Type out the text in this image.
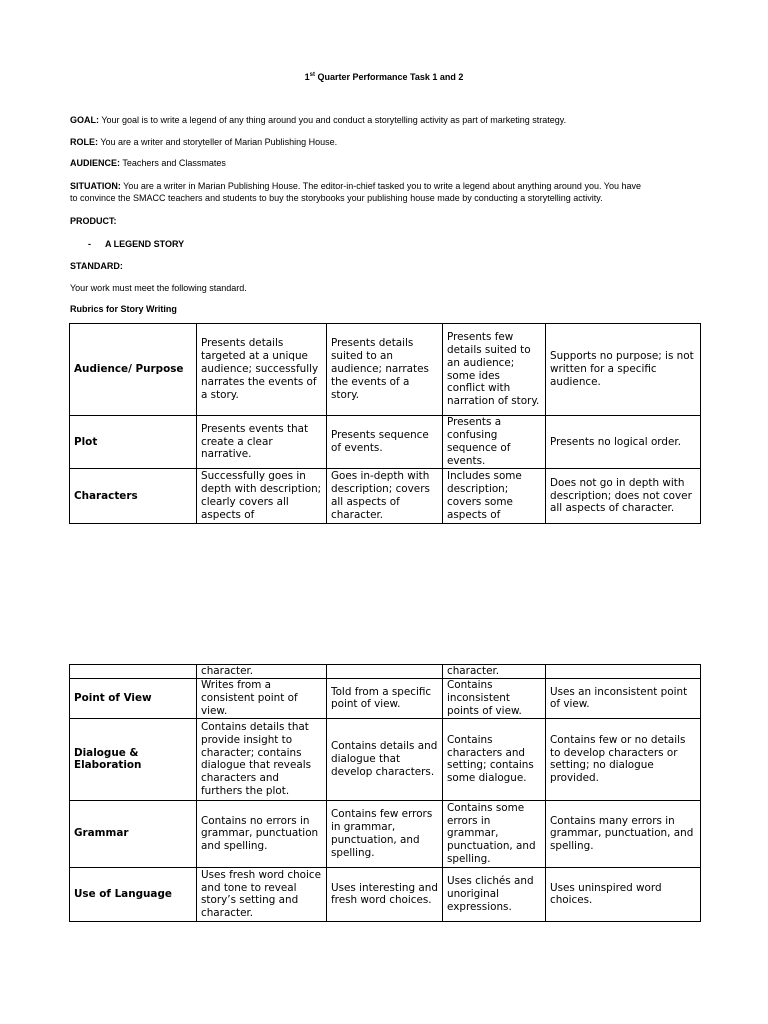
1st Quarter Performance Task 1 and 2
GOAL: Your goal is to write a legend of any thing around you and conduct a storytelling activity as part of marketing strategy.
ROLE: You are a writer and storyteller of Marian Publishing House.
AUDIENCE: Teachers and Classmates
SITUATION: You are a writer in Marian Publishing House. The editor-in-chief tasked you to write a legend about anything around you. You have
to convince the SMACC teachers and students to buy the storybooks your publishing house made by conducting a storytelling activity.
PRODUCT:
- A LEGEND STORY
STANDARD:
Your work must meet the following standard.
Rubrics for Story Writing
Audience/ Purpose	Presents details targeted at a unique audience; successfully narrates the events of a story.	Presents details suited to an audience; narrates the events of a story.	Presents few details suited to an audience; some ides conflict with narration of story.	Supports no purpose; is not written for a specific audience.
Plot	Presents events that create a clear narrative.	Presents sequence of events.	Presents a confusing sequence of events.	Presents no logical order.
Characters	Successfully goes in depth with description; clearly covers all aspects of	Goes in-depth with description; covers all aspects of character.	Includes some description; covers some aspects of	Does not go in depth with description; does not cover all aspects of character.
	character.		character.	
Point of View	Writes from a consistent point of view.	Told from a specific point of view.	Contains inconsistent points of view.	Uses an inconsistent point of view.
Dialogue & Elaboration	Contains details that provide insight to character; contains dialogue that reveals characters and furthers the plot.	Contains details and dialogue that develop characters.	Contains characters and setting; contains some dialogue.	Contains few or no details to develop characters or setting; no dialogue provided.
Grammar	Contains no errors in grammar, punctuation and spelling.	Contains few errors in grammar, punctuation, and spelling.	Contains some errors in grammar, punctuation, and spelling.	Contains many errors in grammar, punctuation, and spelling.
Use of Language	Uses fresh word choice and tone to reveal story’s setting and character.	Uses interesting and fresh word choices.	Uses clichés and unoriginal expressions.	Uses uninspired word choices.
